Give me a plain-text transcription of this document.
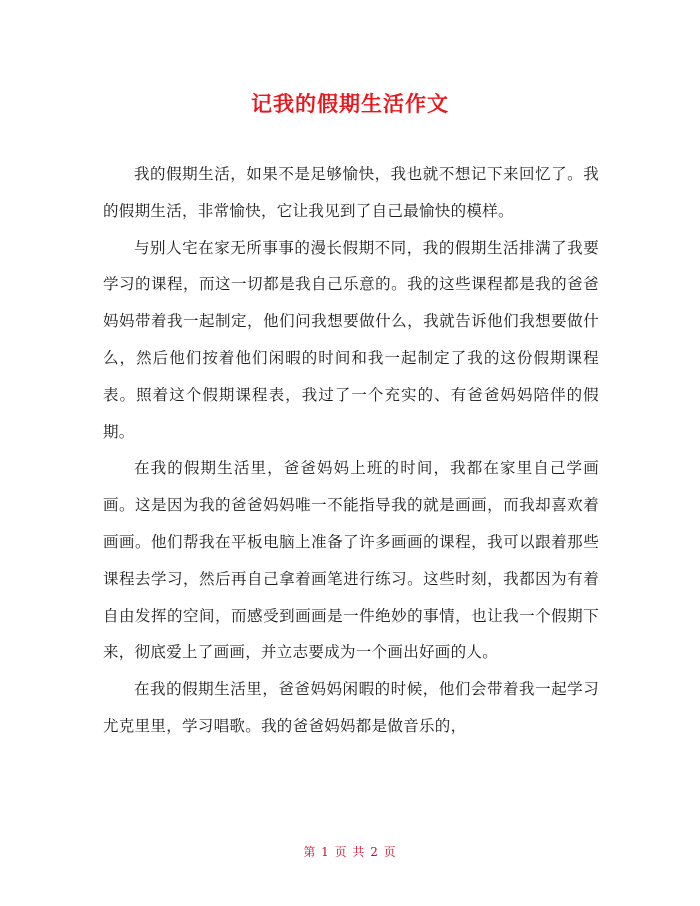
记我的假期生活作文

我的假期生活，如果不是足够愉快，我也就不想记下来回忆了。我的假期生活，非常愉快，它让我见到了自己最愉快的模样。

与别人宅在家无所事事的漫长假期不同，我的假期生活排满了我要学习的课程，而这一切都是我自己乐意的。我的这些课程都是我的爸爸妈妈带着我一起制定，他们问我想要做什么，我就告诉他们我想要做什么，然后他们按着他们闲暇的时间和我一起制定了我的这份假期课程表。照着这个假期课程表，我过了一个充实的、有爸爸妈妈陪伴的假期。

在我的假期生活里，爸爸妈妈上班的时间，我都在家里自己学画画。这是因为我的爸爸妈妈唯一不能指导我的就是画画，而我却喜欢着画画。他们帮我在平板电脑上准备了许多画画的课程，我可以跟着那些课程去学习，然后再自己拿着画笔进行练习。这些时刻，我都因为有着自由发挥的空间，而感受到画画是一件绝妙的事情，也让我一个假期下来，彻底爱上了画画，并立志要成为一个画出好画的人。

在我的假期生活里，爸爸妈妈闲暇的时候，他们会带着我一起学习尤克里里，学习唱歌。我的爸爸妈妈都是做音乐的，

第 1 页 共 2 页
